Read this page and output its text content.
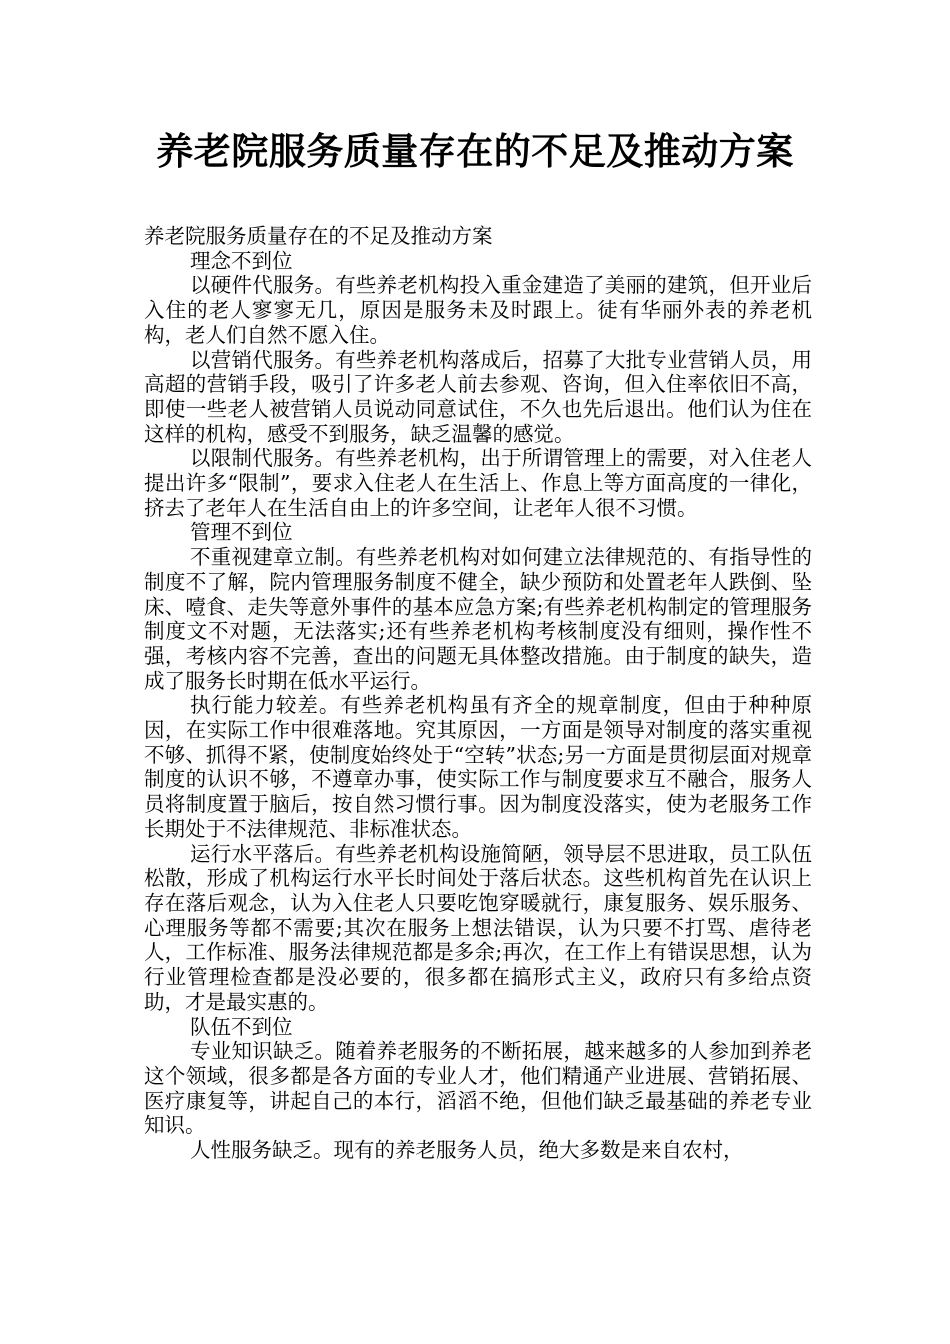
养老院服务质量存在的不足及推动方案

养老院服务质量存在的不足及推动方案

理念不到位

以硬件代服务。有些养老机构投入重金建造了美丽的建筑，但开业后入住的老人寥寥无几，原因是服务未及时跟上。徒有华丽外表的养老机构，老人们自然不愿入住。

以营销代服务。有些养老机构落成后，招募了大批专业营销人员，用高超的营销手段，吸引了许多老人前去参观、咨询，但入住率依旧不高，即使一些老人被营销人员说动同意试住，不久也先后退出。他们认为住在这样的机构，感受不到服务，缺乏温馨的感觉。

以限制代服务。有些养老机构，出于所谓管理上的需要，对入住老人提出许多“限制”，要求入住老人在生活上、作息上等方面高度的一律化，挤去了老年人在生活自由上的许多空间，让老年人很不习惯。

管理不到位

不重视建章立制。有些养老机构对如何建立法律规范的、有指导性的制度不了解，院内管理服务制度不健全，缺少预防和处置老年人跌倒、坠床、噎食、走失等意外事件的基本应急方案;有些养老机构制定的管理服务制度文不对题，无法落实;还有些养老机构考核制度没有细则，操作性不强，考核内容不完善，查出的问题无具体整改措施。由于制度的缺失，造成了服务长时期在低水平运行。

执行能力较差。有些养老机构虽有齐全的规章制度，但由于种种原因，在实际工作中很难落地。究其原因，一方面是领导对制度的落实重视不够、抓得不紧，使制度始终处于“空转”状态;另一方面是贯彻层面对规章制度的认识不够，不遵章办事，使实际工作与制度要求互不融合，服务人员将制度置于脑后，按自然习惯行事。因为制度没落实，使为老服务工作长期处于不法律规范、非标准状态。

运行水平落后。有些养老机构设施简陋，领导层不思进取，员工队伍松散，形成了机构运行水平长时间处于落后状态。这些机构首先在认识上存在落后观念，认为入住老人只要吃饱穿暖就行，康复服务、娱乐服务、心理服务等都不需要;其次在服务上想法错误，认为只要不打骂、虐待老人，工作标准、服务法律规范都是多余;再次，在工作上有错误思想，认为行业管理检查都是没必要的，很多都在搞形式主义，政府只有多给点资助，才是最实惠的。

队伍不到位

专业知识缺乏。随着养老服务的不断拓展，越来越多的人参加到养老这个领域，很多都是各方面的专业人才，他们精通产业进展、营销拓展、医疗康复等，讲起自己的本行，滔滔不绝，但他们缺乏最基础的养老专业知识。

人性服务缺乏。现有的养老服务人员，绝大多数是来自农村，
